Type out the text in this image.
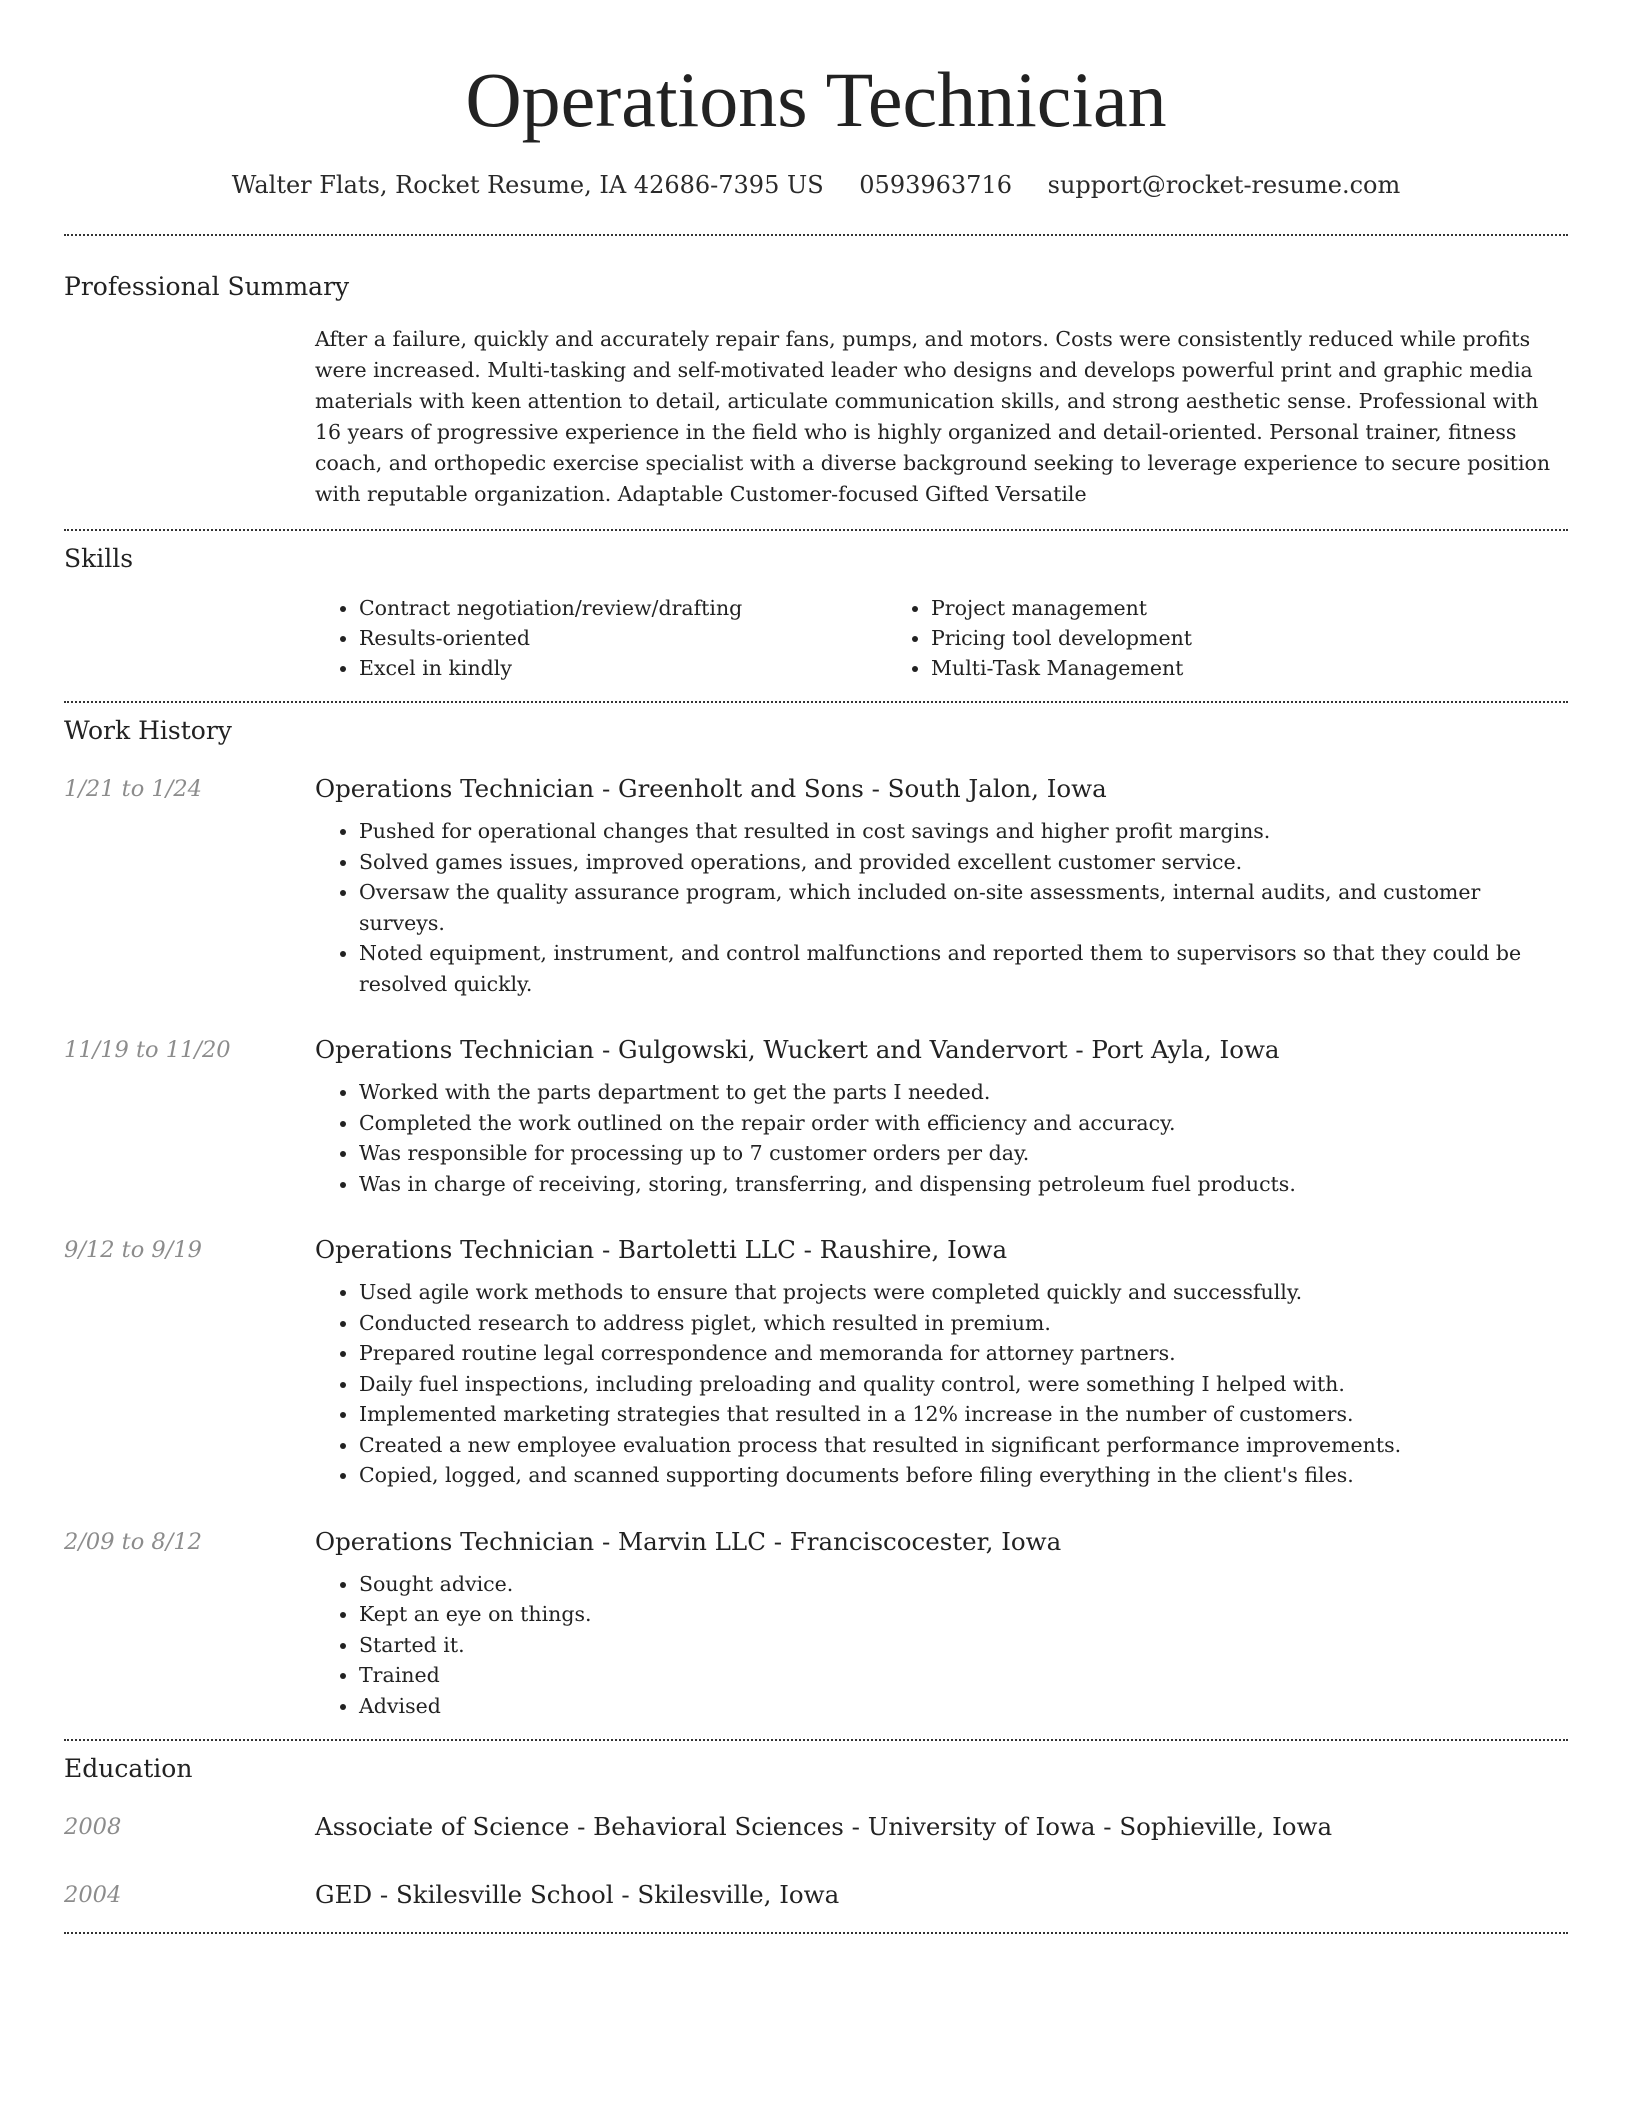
Operations Technician
Walter Flats, Rocket Resume, IA 42686-7395 US 0593963716 support@rocket-resume.com
Professional Summary

After a failure, quickly and accurately repair fans, pumps, and motors. Costs were consistently reduced while profits were increased. Multi-tasking and self-motivated leader who designs and develops powerful print and graphic media materials with keen attention to detail, articulate communication skills, and strong aesthetic sense. Professional with 16 years of progressive experience in the field who is highly organized and detail-oriented. Personal trainer, fitness coach, and orthopedic exercise specialist with a diverse background seeking to leverage experience to secure position with reputable organization. Adaptable Customer-focused Gifted Versatile

Skills
• Contract negotiation/review/drafting
• Results-oriented
• Excel in kindly
• Project management
• Pricing tool development
• Multi-Task Management
Work History
1/21 to 1/24	Operations Technician - Greenholt and Sons - South Jalon, Iowa
• Pushed for operational changes that resulted in cost savings and higher profit margins.
• Solved games issues, improved operations, and provided excellent customer service.
• Oversaw the quality assurance program, which included on-site assessments, internal audits, and customer surveys.
• Noted equipment, instrument, and control malfunctions and reported them to supervisors so that they could be resolved quickly.
11/19 to 11/20	Operations Technician - Gulgowski, Wuckert and Vandervort - Port Ayla, Iowa
• Worked with the parts department to get the parts I needed.
• Completed the work outlined on the repair order with efficiency and accuracy.
• Was responsible for processing up to 7 customer orders per day.
• Was in charge of receiving, storing, transferring, and dispensing petroleum fuel products.
9/12 to 9/19	Operations Technician - Bartoletti LLC - Raushire, Iowa
• Used agile work methods to ensure that projects were completed quickly and successfully.
• Conducted research to address piglet, which resulted in premium.
• Prepared routine legal correspondence and memoranda for attorney partners.
• Daily fuel inspections, including preloading and quality control, were something I helped with.
• Implemented marketing strategies that resulted in a 12% increase in the number of customers.
• Created a new employee evaluation process that resulted in significant performance improvements.
• Copied, logged, and scanned supporting documents before filing everything in the client's files.
2/09 to 8/12	Operations Technician - Marvin LLC - Franciscocester, Iowa
• Sought advice.
• Kept an eye on things.
• Started it.
• Trained
• Advised
Education
2008	Associate of Science - Behavioral Sciences - University of Iowa - Sophieville, Iowa
2004	GED - Skilesville School - Skilesville, Iowa
